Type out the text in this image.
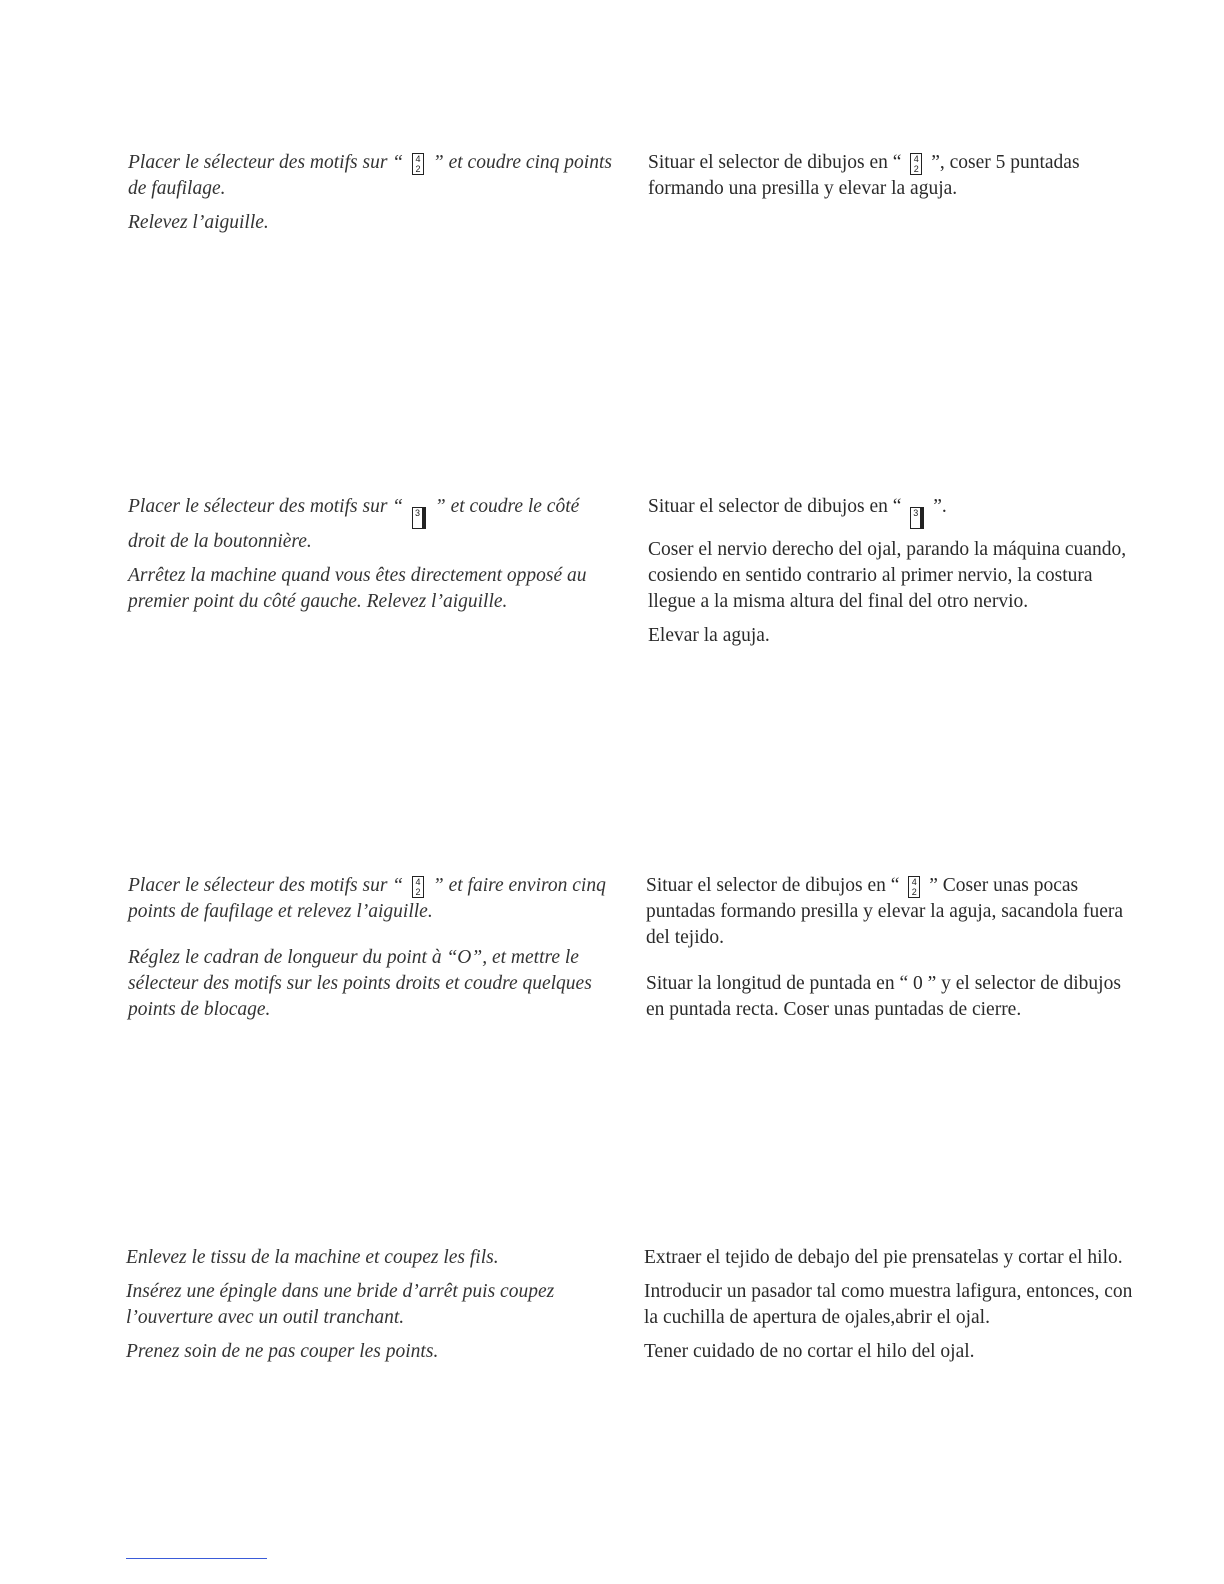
Placer le sélecteur des motifs sur “ 4
2 ” et coudre cinq points de faufilage.

Relevez l’aiguille.

Situar el selector de dibujos en “ 4
2 ”, coser 5 puntadas formando una presilla y elevar la aguja.

Placer le sélecteur des motifs sur “ 3 ” et coudre le côté droit de la boutonnière.

Arrêtez la machine quand vous êtes directement opposé au premier point du côté gauche. Relevez l’aiguille.

Situar el selector de dibujos en “ 3 ”.

Coser el nervio derecho del ojal, parando la máquina cuando, cosiendo en sentido contrario al primer nervio, la costura llegue a la misma altura del final del otro nervio.

Elevar la aguja.

Placer le sélecteur des motifs sur “ 4
2 ” et faire environ cinq points de faufilage et relevez l’aiguille.

Réglez le cadran de longueur du point à “O”, et mettre le sélecteur des motifs sur les points droits et coudre quelques points de blocage.

Situar el selector de dibujos en “ 4
2 ” Coser unas pocas puntadas formando presilla y elevar la aguja, sacandola fuera del tejido.

Situar la longitud de puntada en “ 0 ” y el selector de dibujos en puntada recta. Coser unas puntadas de cierre.

Enlevez le tissu de la machine et coupez les fils.

Insérez une épingle dans une bride d’arrêt puis coupez l’ouverture avec un outil tranchant.

Prenez soin de ne pas couper les points.

Extraer el tejido de debajo del pie prensatelas y cortar el hilo.

Introducir un pasador tal como muestra lafigura, entonces, con la cuchilla de apertura de ojales,abrir el ojal.

Tener cuidado de no cortar el hilo del ojal.
